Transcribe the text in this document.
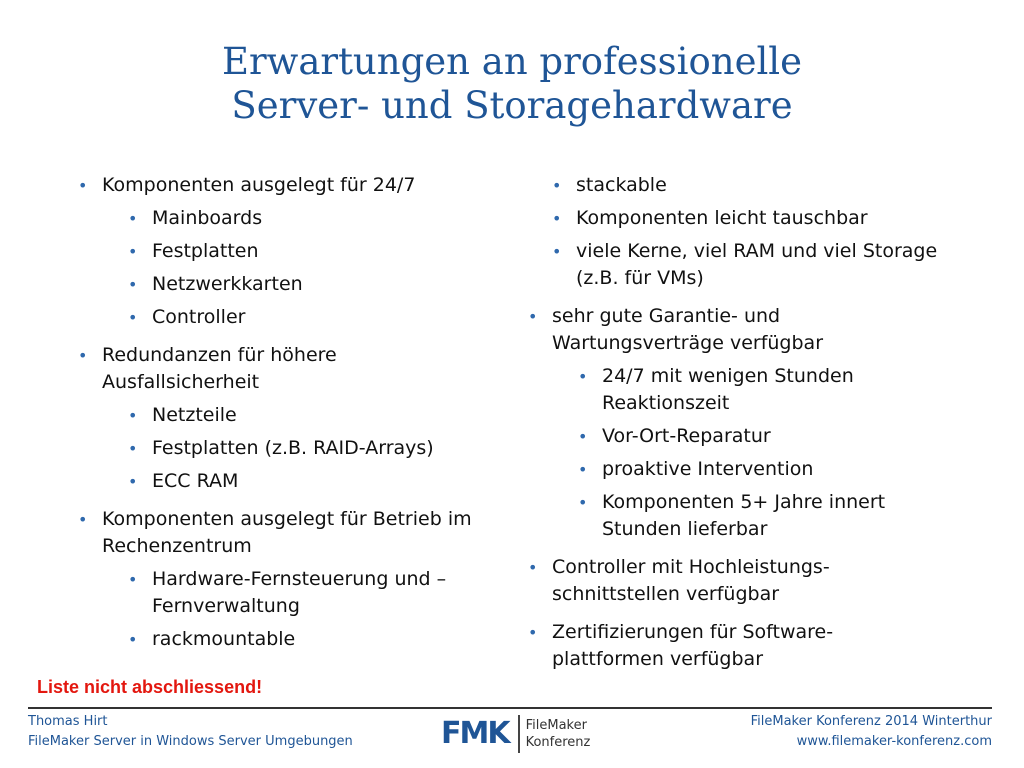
Erwartungen an professionelle
Server- und Storagehardware
• Komponenten ausgelegt für 24/7
• Mainboards
• Festplatten
• Netzwerkkarten
• Controller
• Redundanzen für höhere Ausfallsicherheit
• Netzteile
• Festplatten (z.B. RAID-Arrays)
• ECC RAM
• Komponenten ausgelegt für Betrieb im Rechenzentrum
• Hardware-Fernsteuerung und –Fernverwaltung
• rackmountable
• stackable
• Komponenten leicht tauschbar
• viele Kerne, viel RAM und viel Storage (z.B. für VMs)
• sehr gute Garantie- und Wartungsverträge verfügbar
• 24/7 mit wenigen Stunden Reaktionszeit
• Vor-Ort-Reparatur
• proaktive Intervention
• Komponenten 5+ Jahre innert Stunden lieferbar
• Controller mit Hochleistungs-schnittstellen verfügbar
• Zertifizierungen für Software-plattformen verfügbar
Liste nicht abschliessend!
Thomas Hirt
FileMaker Server in Windows Server Umgebungen	FMK FileMaker
Konferenz
FileMaker Konferenz 2014 Winterthur
www.filemaker-konferenz.com
